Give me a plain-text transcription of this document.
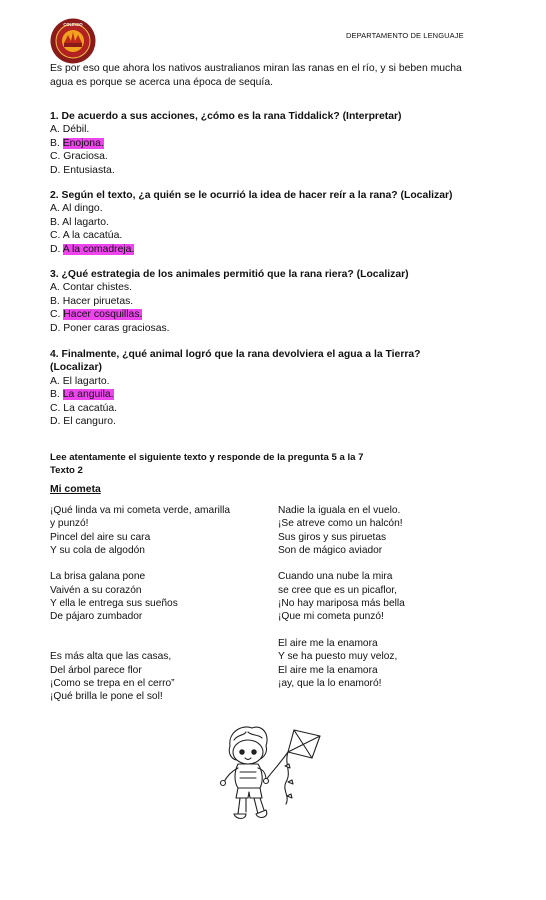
COLEGIO
DEPARTAMENTO DE LENGUAJE
Es por eso que ahora los nativos australianos miran las ranas en el río, y si beben mucha agua es porque se acerca una época de sequía.
1. De acuerdo a sus acciones, ¿cómo es la rana Tiddalick? (Interpretar)
A. Débil.
B. Enojona.
C. Graciosa.
D. Entusiasta.
2. Según el texto, ¿a quién se le ocurrió la idea de hacer reír a la rana? (Localizar)
A. Al dingo.
B. Al lagarto.
C. A la cacatúa.
D. A la comadreja.
3. ¿Qué estrategia de los animales permitió que la rana riera? (Localizar)
A. Contar chistes.
B. Hacer piruetas.
C. Hacer cosquillas.
D. Poner caras graciosas.
4. Finalmente, ¿qué animal logró que la rana devolviera el agua a la Tierra? (Localizar)
A. El lagarto.
B. La anguila.
C. La cacatúa.
D. El canguro.
Lee atentamente el siguiente texto y responde de la pregunta 5 a la 7
Texto 2
Mi cometa
¡Qué linda va mi cometa verde, amarilla
y punzó!
Pincel del aire su cara
Y su cola de algodón
La brisa galana pone
Vaivén a su corazón
Y ella le entrega sus sueños
De pájaro zumbador
Es más alta que las casas,
Del árbol parece flor
¡Como se trepa en el cerro”
¡Qué brilla le pone el sol!
Nadie la iguala en el vuelo.
¡Se atreve como un halcón!
Sus giros y sus piruetas
Son de mágico aviador
Cuando una nube la mira
se cree que es un picaflor,
¡No hay mariposa más bella
¡Que mi cometa punzó!
El aire me la enamora
Y se ha puesto muy veloz,
El aire me la enamora
¡ay, que la lo enamoró!
